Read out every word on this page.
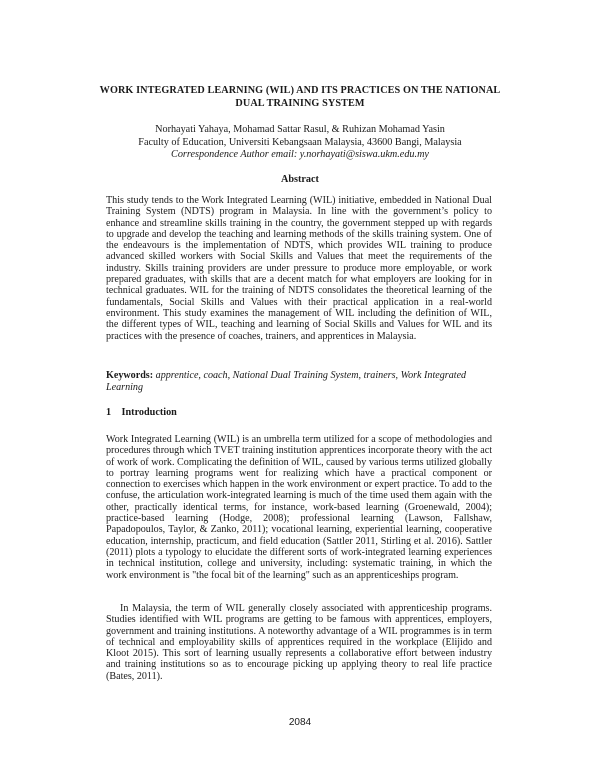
WORK INTEGRATED LEARNING (WIL) AND ITS PRACTICES ON THE NATIONAL DUAL TRAINING SYSTEM
Norhayati Yahaya, Mohamad Sattar Rasul, & Ruhizan Mohamad Yasin
Faculty of Education, Universiti Kebangsaan Malaysia, 43600 Bangi, Malaysia
Correspondence Author email: y.norhayati@siswa.ukm.edu.my
Abstract

This study tends to the Work Integrated Learning (WIL) initiative, embedded in National Dual Training System (NDTS) program in Malaysia. In line with the government’s policy to enhance and streamline skills training in the country, the government stepped up with regards to upgrade and develop the teaching and learning methods of the skills training system. One of the endeavours is the implementation of NDTS, which provides WIL training to produce advanced skilled workers with Social Skills and Values that meet the requirements of the industry. Skills training providers are under pressure to produce more employable, or work prepared graduates, with skills that are a decent match for what employers are looking for in technical graduates. WIL for the training of NDTS consolidates the theoretical learning of the fundamentals, Social Skills and Values with their practical application in a real-world environment. This study examines the management of WIL including the definition of WIL, the different types of WIL, teaching and learning of Social Skills and Values for WIL and its practices with the presence of coaches, trainers, and apprentices in Malaysia.

Keywords: apprentice, coach, National Dual Training System, trainers, Work Integrated Learning

1 Introduction

Work Integrated Learning (WIL) is an umbrella term utilized for a scope of methodologies and procedures through which TVET training institution apprentices incorporate theory with the act of work of work. Complicating the definition of WIL, caused by various terms utilized globally to portray learning programs went for realizing which have a practical component or connection to exercises which happen in the work environment or expert practice. To add to the confuse, the articulation work-integrated learning is much of the time used them again with the other, practically identical terms, for instance, work-based learning (Groenewald, 2004); practice-based learning (Hodge, 2008); professional learning (Lawson, Fallshaw, Papadopoulos, Taylor, & Zanko, 2011); vocational learning, experiential learning, cooperative education, internship, practicum, and field education (Sattler 2011, Stirling et al. 2016). Sattler (2011) plots a typology to elucidate the different sorts of work-integrated learning experiences in technical institution, college and university, including: systematic training, in which the work environment is "the focal bit of the learning" such as an apprenticeships program.

In Malaysia, the term of WIL generally closely associated with apprenticeship programs. Studies identified with WIL programs are getting to be famous with apprentices, employers, government and training institutions. A noteworthy advantage of a WIL programmes is in term of technical and employability skills of apprentices required in the workplace (Elijido and Kloot 2015). This sort of learning usually represents a collaborative effort between industry and training institutions so as to encourage picking up applying theory to real life practice (Bates, 2011).

2084
